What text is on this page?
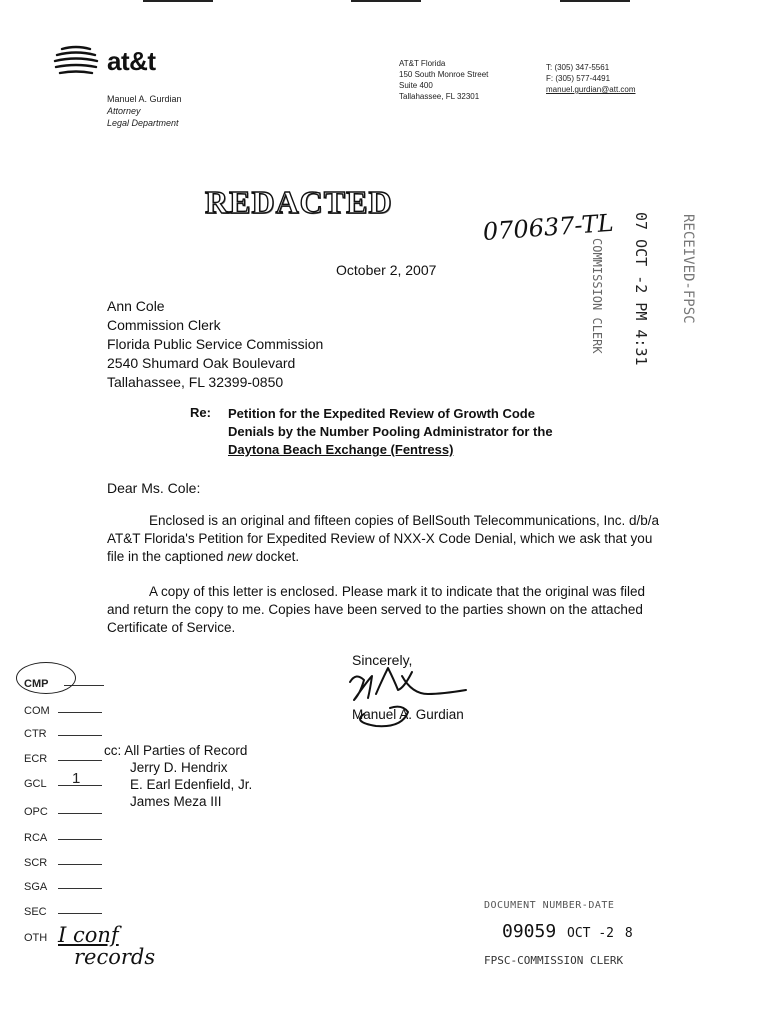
at&t
Manuel A. Gurdian
Attorney
Legal Department
AT&T Florida
150 South Monroe Street
Suite 400
Tallahassee, FL 32301
T: (305) 347-5561
F: (305) 577-4491
manuel.gurdian@att.com
REDACTED
070637-TL
COMMISSION CLERK 07 OCT -2 PM 4:31 RECEIVED-FPSC
October 2, 2007
Ann Cole
Commission Clerk
Florida Public Service Commission
2540 Shumard Oak Boulevard
Tallahassee, FL 32399-0850
Re: Petition for the Expedited Review of Growth Code
Denials by the Number Pooling Administrator for the
Daytona Beach Exchange (Fentress)
Dear Ms. Cole:
Enclosed is an original and fifteen copies of BellSouth Telecommunications, Inc. d/b/a AT&T Florida's Petition for Expedited Review of NXX-X Code Denial, which we ask that you file in the captioned new docket.
A copy of this letter is enclosed. Please mark it to indicate that the original was filed and return the copy to me. Copies have been served to the parties shown on the attached Certificate of Service.
Sincerely,
Manuel A. Gurdian
CMP
COM
CTR
ECR
GCL 1
OPC
RCA
SCR
SGA
SEC
OTH I conf
records
cc: All Parties of Record
Jerry D. Hendrix
E. Earl Edenfield, Jr.
James Meza III
DOCUMENT NUMBER-DATE
09059 OCT -2 8
FPSC-COMMISSION CLERK
